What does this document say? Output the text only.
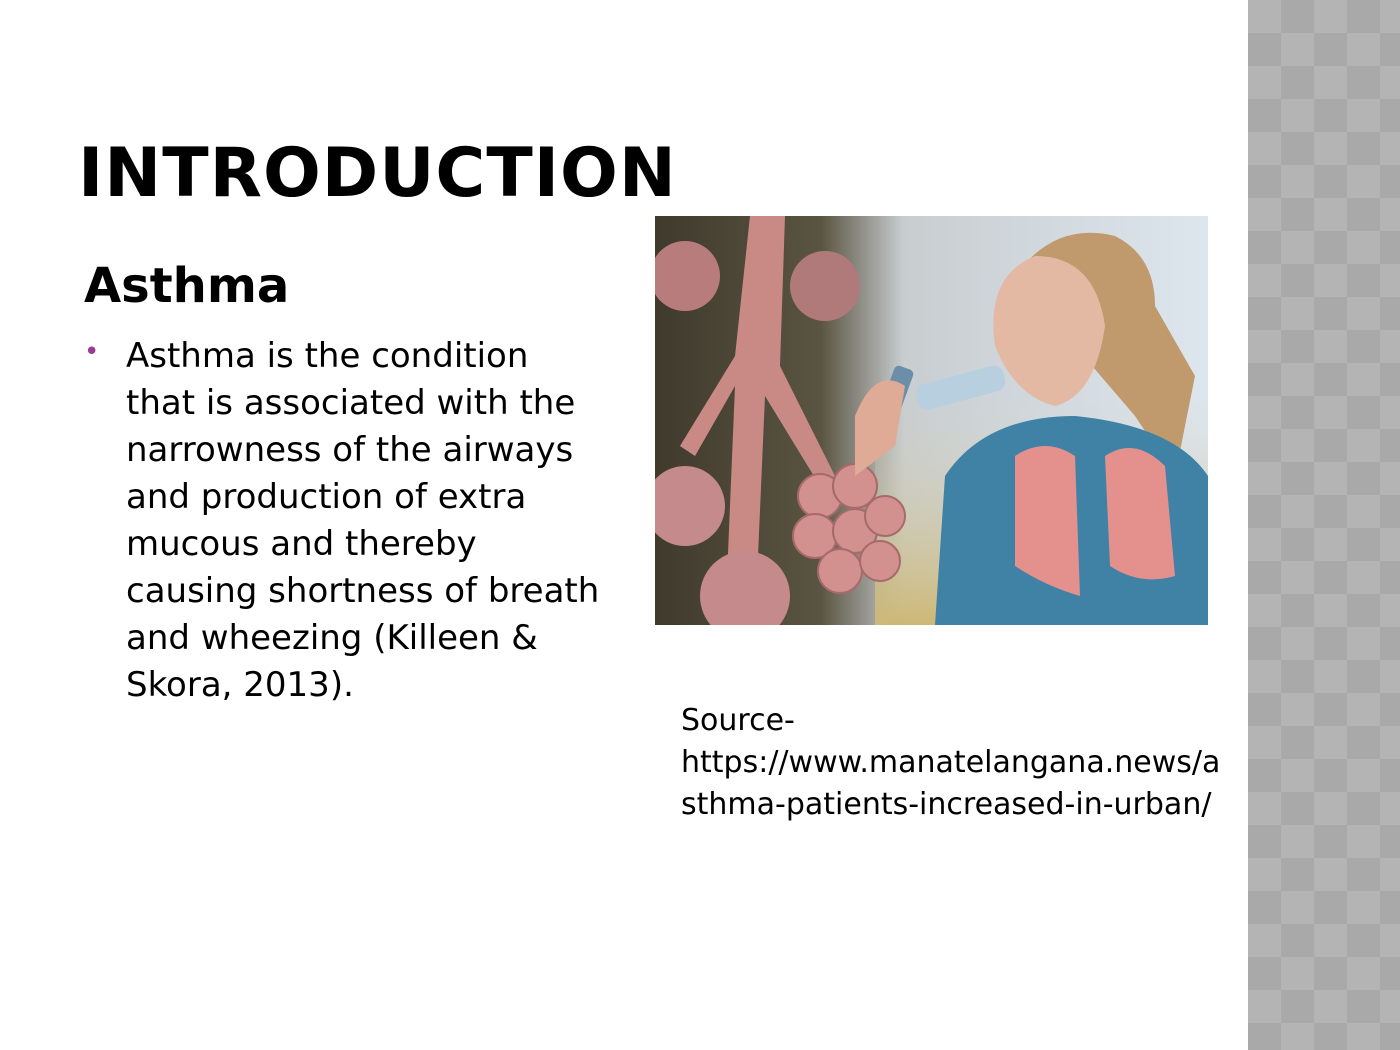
INTRODUCTION
Asthma
• Asthma is the condition that is associated with the narrowness of the airways and production of extra mucous and thereby causing shortness of breath and wheezing (Killeen & Skora, 2013).
Source-
https://www.manatelangana.news/asthma-patients-increased-in-urban/
